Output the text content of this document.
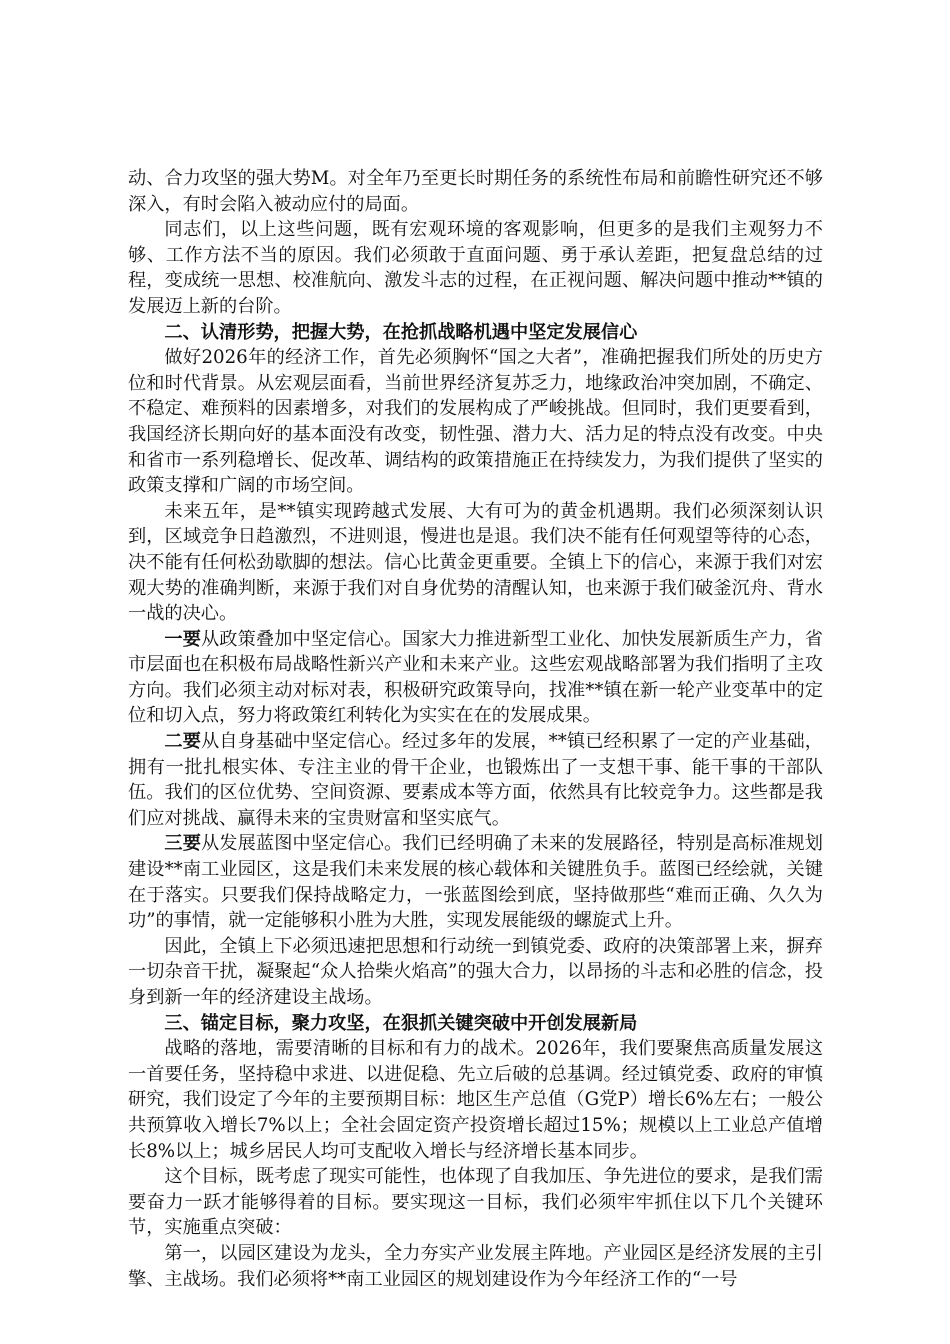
动、合力攻坚的强大势М。对全年乃至更长时期任务的系统性布局和前瞻性研究还不够深入，有时会陷入被动应付的局面。

同志们，以上这些问题，既有宏观环境的客观影响，但更多的是我们主观努力不够、工作方法不当的原因。我们必须敢于直面问题、勇于承认差距，把复盘总结的过程，变成统一思想、校准航向、激发斗志的过程，在正视问题、解决问题中推动**镇的发展迈上新的台阶。

二、认清形势，把握大势，在抢抓战略机遇中坚定发展信心

做好2026年的经济工作，首先必须胸怀“国之大者”，准确把握我们所处的历史方位和时代背景。从宏观层面看，当前世界经济复苏乏力，地缘政治冲突加剧，不确定、不稳定、难预料的因素增多，对我们的发展构成了严峻挑战。但同时，我们更要看到，我国经济长期向好的基本面没有改变，韧性强、潜力大、活力足的特点没有改变。中央和省市一系列稳增长、促改革、调结构的政策措施正在持续发力，为我们提供了坚实的政策支撑和广阔的市场空间。

未来五年，是**镇实现跨越式发展、大有可为的黄金机遇期。我们必须深刻认识到，区域竞争日趋激烈，不进则退，慢进也是退。我们决不能有任何观望等待的心态，决不能有任何松劲歇脚的想法。信心比黄金更重要。全镇上下的信心，来源于我们对宏观大势的准确判断，来源于我们对自身优势的清醒认知，也来源于我们破釜沉舟、背水一战的决心。

一要从政策叠加中坚定信心。国家大力推进新型工业化、加快发展新质生产力，省市层面也在积极布局战略性新兴产业和未来产业。这些宏观战略部署为我们指明了主攻方向。我们必须主动对标对表，积极研究政策导向，找准**镇在新一轮产业变革中的定位和切入点，努力将政策红利转化为实实在在的发展成果。

二要从自身基础中坚定信心。经过多年的发展，**镇已经积累了一定的产业基础，拥有一批扎根实体、专注主业的骨干企业，也锻炼出了一支想干事、能干事的干部队伍。我们的区位优势、空间资源、要素成本等方面，依然具有比较竞争力。这些都是我们应对挑战、赢得未来的宝贵财富和坚实底气。

三要从发展蓝图中坚定信心。我们已经明确了未来的发展路径，特别是高标准规划建设**南工业园区，这是我们未来发展的核心载体和关键胜负手。蓝图已经绘就，关键在于落实。只要我们保持战略定力，一张蓝图绘到底，坚持做那些“难而正确、久久为功”的事情，就一定能够积小胜为大胜，实现发展能级的螺旋式上升。

因此，全镇上下必须迅速把思想和行动统一到镇党委、政府的决策部署上来，摒弃一切杂音干扰，凝聚起“众人拾柴火焰高”的强大合力，以昂扬的斗志和必胜的信念，投身到新一年的经济建设主战场。

三、锚定目标，聚力攻坚，在狠抓关键突破中开创发展新局

战略的落地，需要清晰的目标和有力的战术。2026年，我们要聚焦高质量发展这一首要任务，坚持稳中求进、以进促稳、先立后破的总基调。经过镇党委、政府的审慎研究，我们设定了今年的主要预期目标：地区生产总值（G党P）增长6%左右；一般公共预算收入增长7%以上；全社会固定资产投资增长超过15%；规模以上工业总产值增长8%以上；城乡居民人均可支配收入增长与经济增长基本同步。

这个目标，既考虑了现实可能性，也体现了自我加压、争先进位的要求，是我们需要奋力一跃才能够得着的目标。要实现这一目标，我们必须牢牢抓住以下几个关键环节，实施重点突破：

第一，以园区建设为龙头，全力夯实产业发展主阵地。产业园区是经济发展的主引擎、主战场。我们必须将**南工业园区的规划建设作为今年经济工作的“一号
